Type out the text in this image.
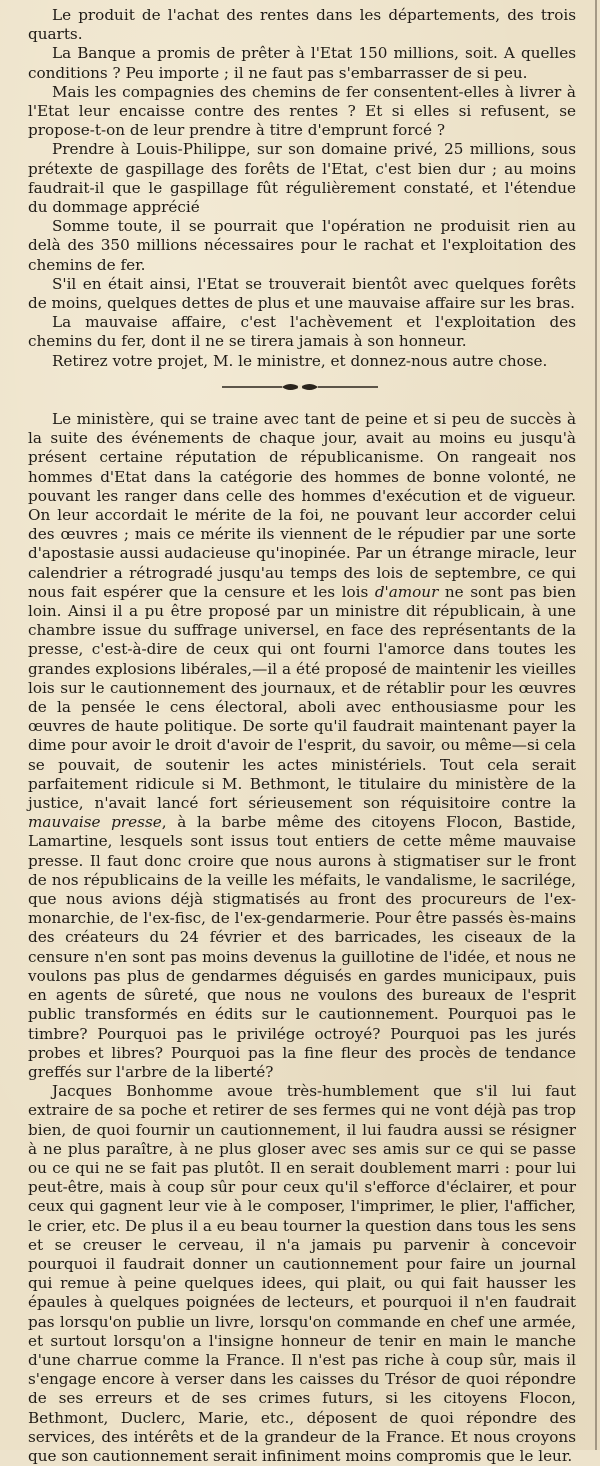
Le produit de l'achat des rentes dans les départements, des trois quarts.

La Banque a promis de prêter à l'Etat 150 millions, soit. A quelles conditions ? Peu importe ; il ne faut pas s'embarrasser de si peu.

Mais les compagnies des chemins de fer consentent-elles à livrer à l'Etat leur encaisse contre des rentes ? Et si elles si refusent, se propose-t-on de leur prendre à titre d'emprunt forcé ?

Prendre à Louis-Philippe, sur son domaine privé, 25 millions, sous prétexte de gaspillage des forêts de l'Etat, c'est bien dur ; au moins faudrait-il que le gaspillage fût régulièrement constaté, et l'étendue du dommage apprécié

Somme toute, il se pourrait que l'opération ne produisit rien au delà des 350 millions nécessaires pour le rachat et l'exploitation des chemins de fer.

S'il en était ainsi, l'Etat se trouverait bientôt avec quelques forêts de moins, quelques dettes de plus et une mauvaise affaire sur les bras.

La mauvaise affaire, c'est l'achèvement et l'exploitation des chemins du fer, dont il ne se tirera jamais à son honneur.

Retirez votre projet, M. le ministre, et donnez-nous autre chose.

Le ministère, qui se traine avec tant de peine et si peu de succès à la suite des événements de chaque jour, avait au moins eu jusqu'à présent certaine réputation de républicanisme. On rangeait nos hommes d'Etat dans la catégorie des hommes de bonne volonté, ne pouvant les ranger dans celle des hommes d'exécution et de vigueur. On leur accordait le mérite de la foi, ne pouvant leur accorder celui des œuvres ; mais ce mérite ils viennent de le répudier par une sorte d'apostasie aussi audacieuse qu'inopinée. Par un étrange miracle, leur calendrier a rétrogradé jusqu'au temps des lois de septembre, ce qui nous fait espérer que la censure et les lois d'amour ne sont pas bien loin. Ainsi il a pu être proposé par un ministre dit républicain, à une chambre issue du suffrage universel, en face des représentants de la presse, c'est-à-dire de ceux qui ont fourni l'amorce dans toutes les grandes explosions libérales,—il a été proposé de maintenir les vieilles lois sur le cautionnement des journaux, et de rétablir pour les œuvres de la pensée le cens électoral, aboli avec enthousiasme pour les œuvres de haute politique. De sorte qu'il faudrait maintenant payer la dime pour avoir le droit d'avoir de l'esprit, du savoir, ou même—si cela se pouvait, de soutenir les actes ministériels. Tout cela serait parfaitement ridicule si M. Bethmont, le titulaire du ministère de la justice, n'avait lancé fort sérieusement son réquisitoire contre la mauvaise presse, à la barbe même des citoyens Flocon, Bastide, Lamartine, lesquels sont issus tout entiers de cette même mauvaise presse. Il faut donc croire que nous aurons à stigmatiser sur le front de nos républicains de la veille les méfaits, le vandalisme, le sacrilége, que nous avions déjà stigmatisés au front des procureurs de l'ex-monarchie, de l'ex-fisc, de l'ex-gendarmerie. Pour être passés ès-mains des créateurs du 24 février et des barricades, les ciseaux de la censure n'en sont pas moins devenus la guillotine de l'idée, et nous ne voulons pas plus de gendarmes déguisés en gardes municipaux, puis en agents de sûreté, que nous ne voulons des bureaux de l'esprit public transformés en édits sur le cautionnement. Pourquoi pas le timbre? Pourquoi pas le privilége octroyé? Pourquoi pas les jurés probes et libres? Pourquoi pas la fine fleur des procès de tendance greffés sur l'arbre de la liberté?

Jacques Bonhomme avoue très-humblement que s'il lui faut extraire de sa poche et retirer de ses fermes qui ne vont déjà pas trop bien, de quoi fournir un cautionnement, il lui faudra aussi se résigner à ne plus paraître, à ne plus gloser avec ses amis sur ce qui se passe ou ce qui ne se fait pas plutôt. Il en serait doublement marri : pour lui peut-être, mais à coup sûr pour ceux qu'il s'efforce d'éclairer, et pour ceux qui gagnent leur vie à le composer, l'imprimer, le plier, l'afficher, le crier, etc. De plus il a eu beau tourner la question dans tous les sens et se creuser le cerveau, il n'a jamais pu parvenir à concevoir pourquoi il faudrait donner un cautionnement pour faire un journal qui remue à peine quelques idees, qui plait, ou qui fait hausser les épaules à quelques poignées de lecteurs, et pourquoi il n'en faudrait pas lorsqu'on publie un livre, lorsqu'on commande en chef une armée, et surtout lorsqu'on a l'insigne honneur de tenir en main le manche d'une charrue comme la France. Il n'est pas riche à coup sûr, mais il s'engage encore à verser dans les caisses du Trésor de quoi répondre de ses erreurs et de ses crimes futurs, si les citoyens Flocon, Bethmont, Duclerc, Marie, etc., déposent de quoi répondre des services, des intérêts et de la grandeur de la France. Et nous croyons que son cautionnement serait infiniment moins compromis que le leur.
